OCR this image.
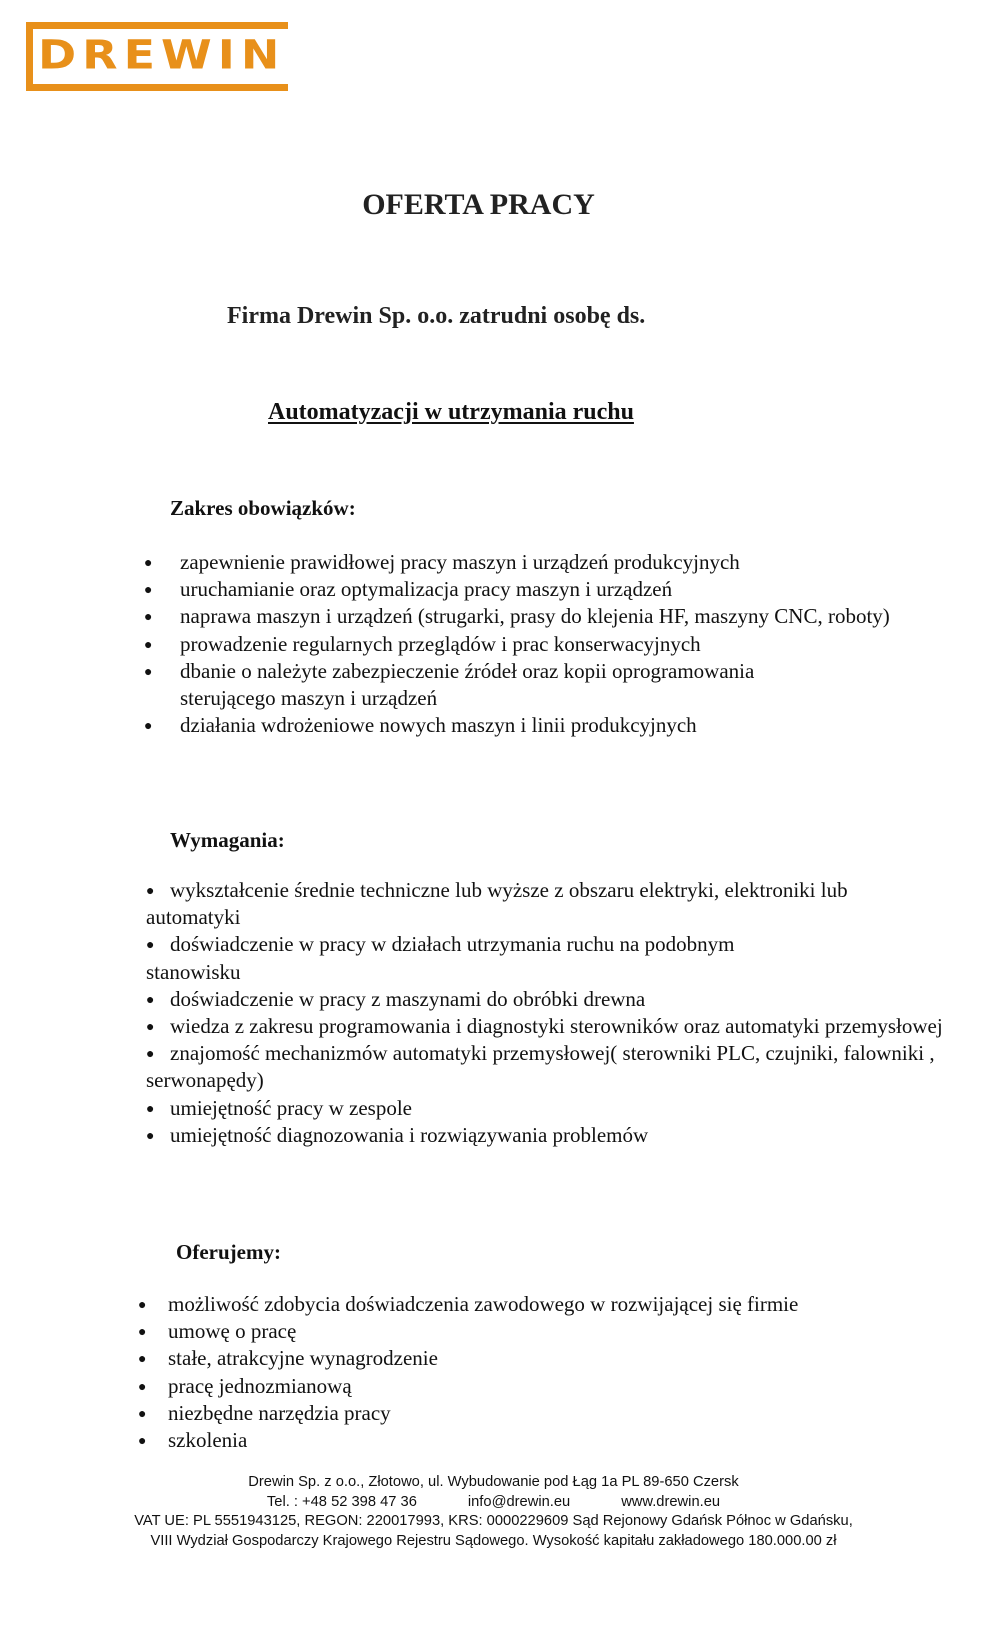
DREWIN
OFERTA PRACY
Firma Drewin Sp. o.o. zatrudni osobę ds.
Automatyzacji w utrzymania ruchu
Zakres obowiązków:
● zapewnienie prawidłowej pracy maszyn i urządzeń produkcyjnych
● uruchamianie oraz optymalizacja pracy maszyn i urządzeń
● naprawa maszyn i urządzeń (strugarki, prasy do klejenia HF, maszyny CNC, roboty)
● prowadzenie regularnych przeglądów i prac konserwacyjnych
● dbanie o należyte zabezpieczenie źródeł oraz kopii oprogramowania sterującego maszyn i urządzeń
● działania wdrożeniowe nowych maszyn i linii produkcyjnych
Wymagania:
● wykształcenie średnie techniczne lub wyższe z obszaru elektryki, elektroniki lub automatyki
● doświadczenie w pracy w działach utrzymania ruchu na podobnym stanowisku
● doświadczenie w pracy z maszynami do obróbki drewna
● wiedza z zakresu programowania i diagnostyki sterowników oraz automatyki przemysłowej
● znajomość mechanizmów automatyki przemysłowej( sterowniki PLC, czujniki, falowniki , serwonapędy)
● umiejętność pracy w zespole
● umiejętność diagnozowania i rozwiązywania problemów
Oferujemy:
● możliwość zdobycia doświadczenia zawodowego w rozwijającej się firmie
● umowę o pracę
● stałe, atrakcyjne wynagrodzenie
● pracę jednozmianową
● niezbędne narzędzia pracy
● szkolenia
Drewin Sp. z o.o., Złotowo, ul. Wybudowanie pod Łąg 1a PL 89-650 Czersk
Tel. : +48 52 398 47 36	info@drewin.eu	www.drewin.eu
VAT UE: PL 5551943125, REGON: 220017993, KRS: 0000229609 Sąd Rejonowy Gdańsk Północ w Gdańsku,
VIII Wydział Gospodarczy Krajowego Rejestru Sądowego. Wysokość kapitału zakładowego 180.000.00 zł
